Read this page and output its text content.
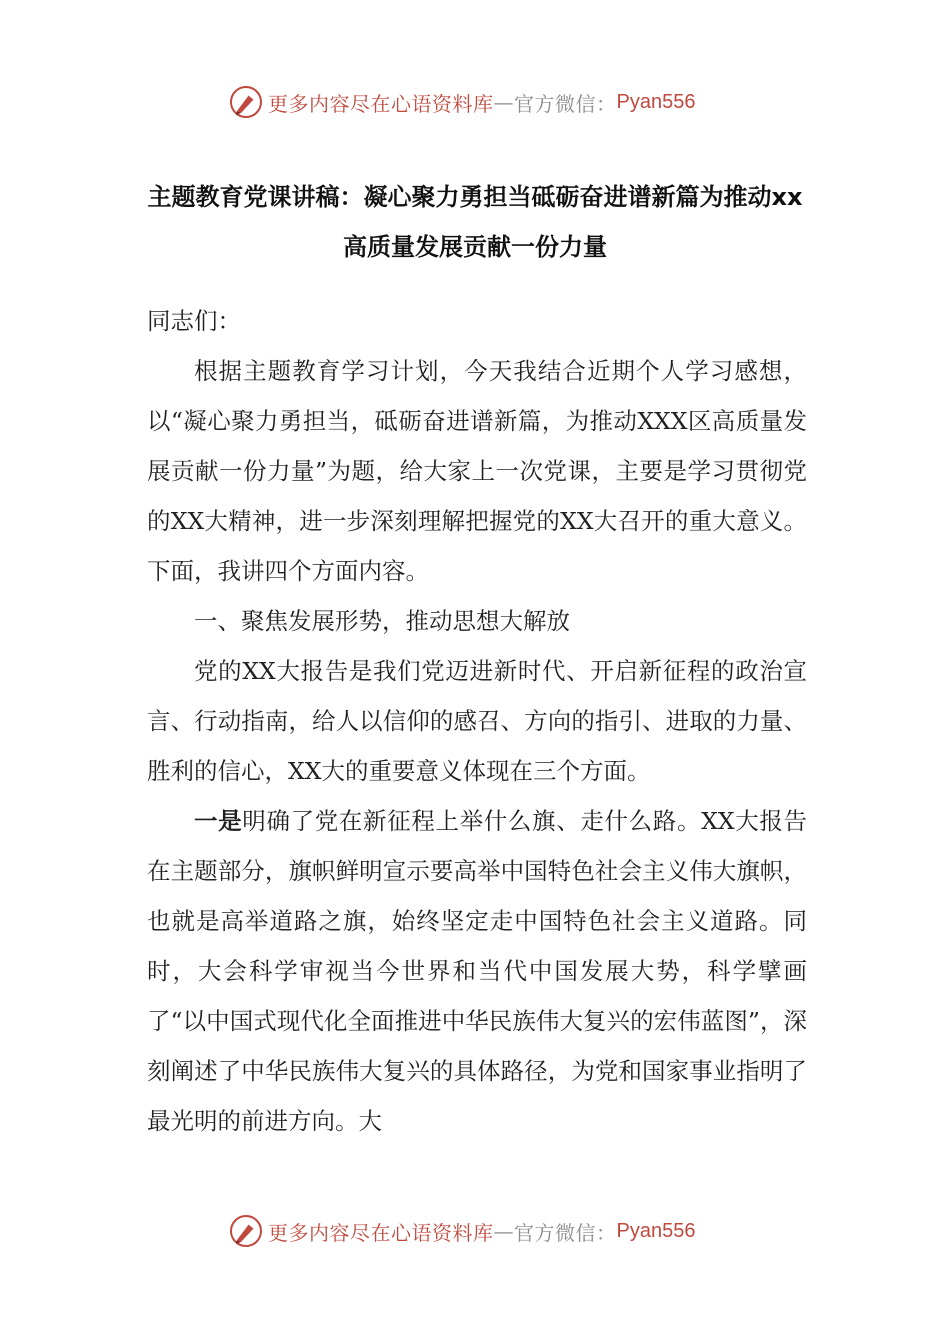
更多内容尽在心语资料库 — 官方微信： Pyan556
主题教育党课讲稿：凝心聚力勇担当砥砺奋进谱新篇为推动xx高质量发展贡献一份力量

同志们：

根据主题教育学习计划，今天我结合近期个人学习感想，以“凝心聚力勇担当，砥砺奋进谱新篇，为推动XXX区高质量发展贡献一份力量”为题，给大家上一次党课，主要是学习贯彻党的XX大精神，进一步深刻理解把握党的XX大召开的重大意义。下面，我讲四个方面内容。

一、聚焦发展形势，推动思想大解放

党的XX大报告是我们党迈进新时代、开启新征程的政治宣言、行动指南，给人以信仰的感召、方向的指引、进取的力量、胜利的信心，XX大的重要意义体现在三个方面。

一是明确了党在新征程上举什么旗、走什么路。XX大报告在主题部分，旗帜鲜明宣示要高举中国特色社会主义伟大旗帜，也就是高举道路之旗，始终坚定走中国特色社会主义道路。同时，大会科学审视当今世界和当代中国发展大势，科学擘画了“以中国式现代化全面推进中华民族伟大复兴的宏伟蓝图”，深刻阐述了中华民族伟大复兴的具体路径，为党和国家事业指明了最光明的前进方向。大

更多内容尽在心语资料库 — 官方微信： Pyan556
